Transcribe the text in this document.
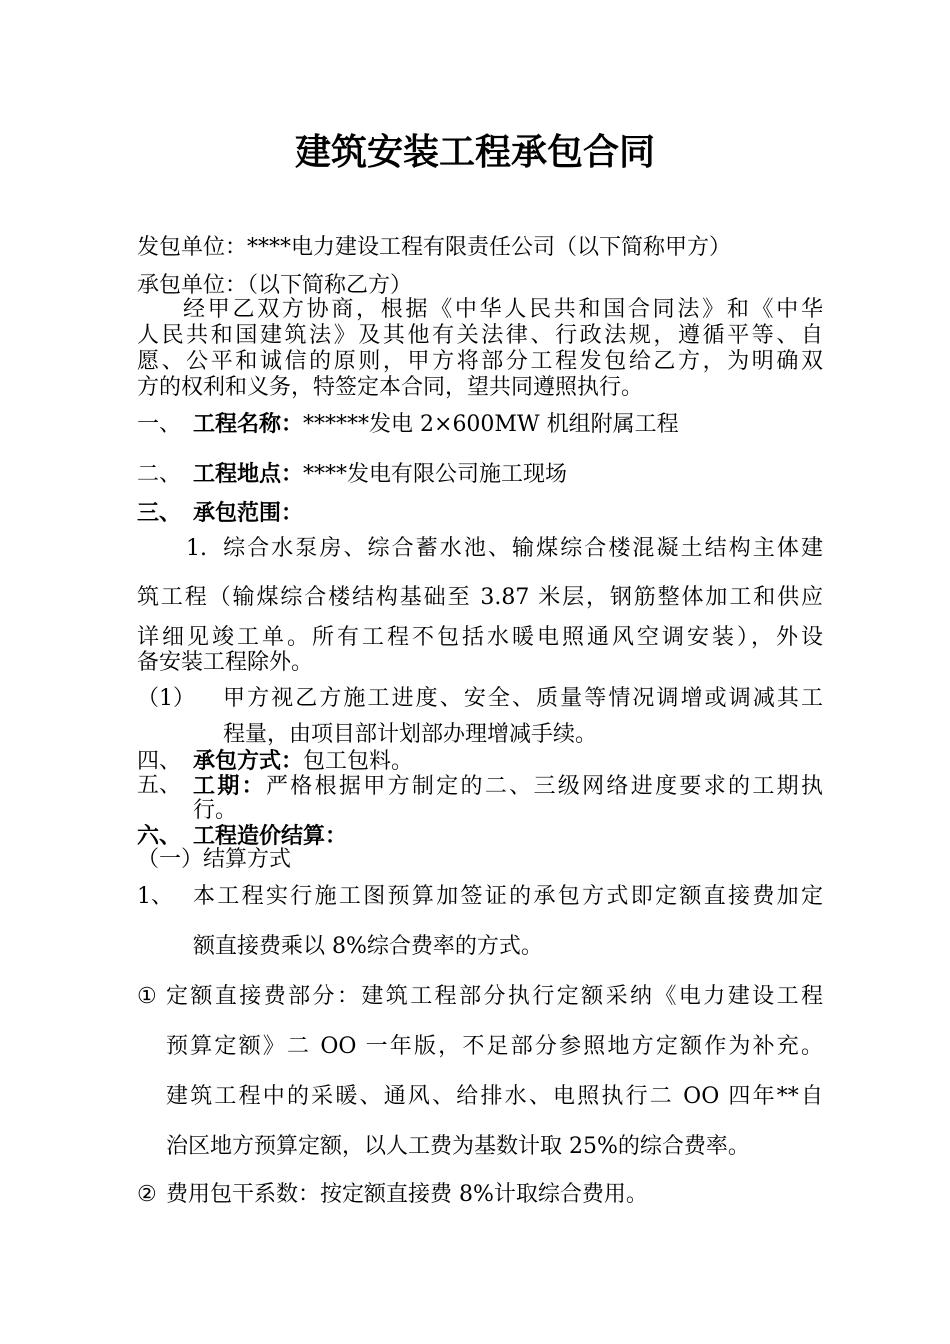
建筑安装工程承包合同
发包单位：****电力建设工程有限责任公司（以下简称甲方）
承包单位：（以下简称乙方）
经甲乙双方协商，根据《中华人民共和国合同法》和《中华
人民共和国建筑法》及其他有关法律、行政法规，遵循平等、自
愿、公平和诚信的原则，甲方将部分工程发包给乙方，为明确双
方的权利和义务，特签定本合同，望共同遵照执行。
一、 工程名称：******发电 2×600MW 机组附属工程
二、 工程地点：****发电有限公司施工现场
三、 承包范围：
1. 综合水泵房、综合蓄水池、输煤综合楼混凝土结构主体建
筑工程（输煤综合楼结构基础至 3.87 米层，钢筋整体加工和供应
详细见竣工单。所有工程不包括水暖电照通风空调安装），外设
备安装工程除外。
（1）	甲方视乙方施工进度、安全、质量等情况调增或调减其工
程量，由项目部计划部办理增减手续。
四、 承包方式：包工包料。
五、 工期：严格根据甲方制定的二、三级网络进度要求的工期执
行。
六、 工程造价结算：
（一）结算方式
1、 本工程实行施工图预算加签证的承包方式即定额直接费加定
额直接费乘以 8%综合费率的方式。
① 定额直接费部分：建筑工程部分执行定额采纳《电力建设工程
预算定额》二 OO 一年版，不足部分参照地方定额作为补充。
建筑工程中的采暖、通风、给排水、电照执行二 OO 四年**自
治区地方预算定额，以人工费为基数计取 25%的综合费率。
② 费用包干系数：按定额直接费 8%计取综合费用。
